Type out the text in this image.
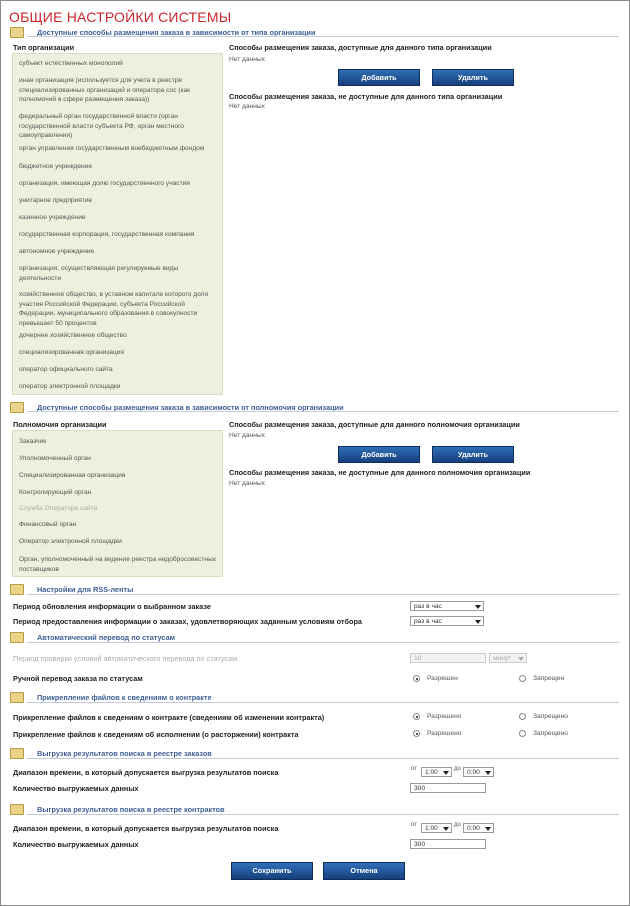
ОБЩИЕ НАСТРОЙКИ СИСТЕМЫ
Доступные способы размещения заказа в зависимости от типа организации
Тип организации
субъект естественных монополий
иная организация (используется для учета в реестре специализированных организаций и оператора сос (как полномочий в сфере размещения заказа))
федеральный орган государственной власти (орган государственной власти субъекта РФ, орган местного самоуправления)
орган управления государственным внебюджетным фондом
бюджетное учреждение
организация, имеющая долю государственного участия
унитарное предприятие
казенное учреждение
государственная корпорация, государственная компания
автономное учреждение
организация, осуществляющая регулируемые виды деятельности
хозяйственное общество, в уставном капитале которого доля участия Российской Федерации, субъекта Российской Федерации, муниципального образования в совокупности превышает 50 процентов
дочернее хозяйственное общество
специализированная организация
оператор официального сайта
оператор электронной площадки
Способы размещения заказа, доступные для данного типа организации
Нет данных
Добавить	Удалить
Способы размещения заказа, не доступные для данного типа организации
Нет данных
Доступные способы размещения заказа в зависимости от полномочия организации
Полномочия организации
Заказчик
Уполномоченный орган
Специализированная организация
Контролирующий орган
Служба Оператора сайта
Финансовый орган
Оператор электронной площадки
Орган, уполномоченный на ведение реестра недобросовестных поставщиков
Способы размещения заказа, доступные для данного полномочия организации
Нет данных
Добавить	Удалить
Способы размещения заказа, не доступные для данного полномочия организации
Нет данных
Настройки для RSS-ленты
Период обновления информации о выбранном заказе	раз в час
Период предоставления информации о заказах, удовлетворяющих заданным условиям отбора	раз в час
Автоматический перевод по статусам
Период проверки условий автоматического перевода по статусам	10	минут
Ручной перевод заказа по статусам	Разрешен	Запрещен
Прикрепление файлов к сведениям о контракте
Прикрепление файлов к сведениям о контракте (сведениям об изменении контракта)	Разрешено	Запрещено
Прикрепление файлов к сведениям об исполнении (о расторжении) контракта	Разрешено	Запрещено
Выгрузка результатов поиска в реестре заказов
Диапазон времени, в который допускается выгрузка результатов поиска	от	1:00	до 0:00
Количество выгружаемых данных	300
Выгрузка результатов поиска в реестре контрактов
Диапазон времени, в который допускается выгрузка результатов поиска	от	1:00	до 0:00
Количество выгружаемых данных	300
Сохранить	Отмена
